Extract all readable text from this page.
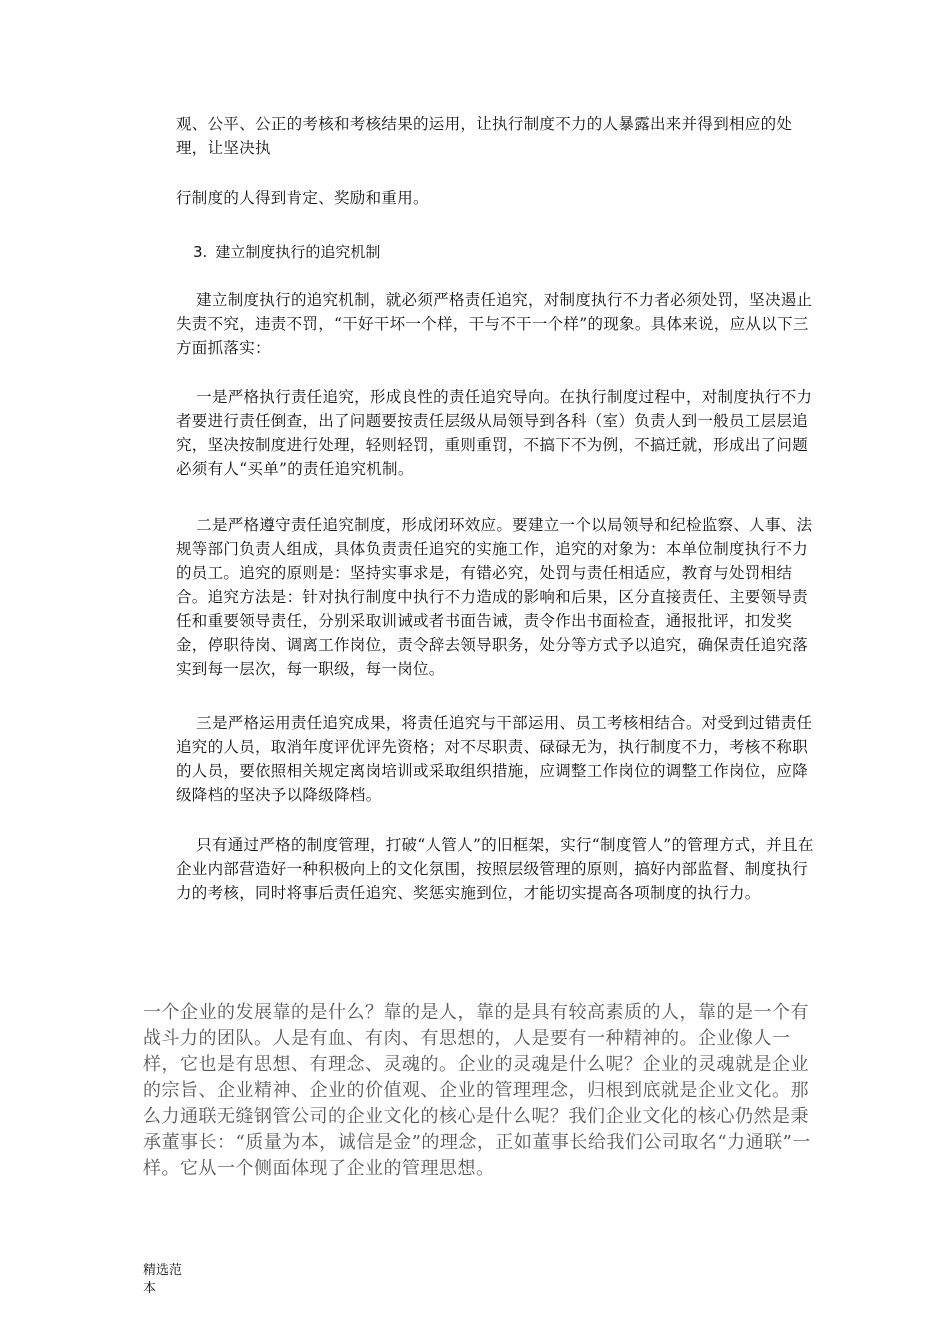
观、公平、公正的考核和考核结果的运用，让执行制度不力的人暴露出来并得到相应的处理，让坚决执

行制度的人得到肯定、奖励和重用。

3. 建立制度执行的追究机制

建立制度执行的追究机制，就必须严格责任追究，对制度执行不力者必须处罚，坚决遏止失责不究，违责不罚，“干好干坏一个样，干与不干一个样”的现象。具体来说，应从以下三方面抓落实：

一是严格执行责任追究，形成良性的责任追究导向。在执行制度过程中，对制度执行不力者要进行责任倒查，出了问题要按责任层级从局领导到各科（室）负责人到一般员工层层追究，坚决按制度进行处理，轻则轻罚，重则重罚，不搞下不为例，不搞迁就，形成出了问题必须有人“买单”的责任追究机制。

二是严格遵守责任追究制度，形成闭环效应。要建立一个以局领导和纪检监察、人事、法规等部门负责人组成，具体负责责任追究的实施工作，追究的对象为：本单位制度执行不力的员工。追究的原则是：坚持实事求是，有错必究，处罚与责任相适应，教育与处罚相结合。追究方法是：针对执行制度中执行不力造成的影响和后果，区分直接责任、主要领导责任和重要领导责任，分别采取训诫或者书面告诫，责令作出书面检查，通报批评，扣发奖金，停职待岗、调离工作岗位，责令辞去领导职务，处分等方式予以追究，确保责任追究落实到每一层次，每一职级，每一岗位。

三是严格运用责任追究成果，将责任追究与干部运用、员工考核相结合。对受到过错责任追究的人员，取消年度评优评先资格；对不尽职责、碌碌无为，执行制度不力，考核不称职的人员，要依照相关规定离岗培训或采取组织措施，应调整工作岗位的调整工作岗位，应降级降档的坚决予以降级降档。

只有通过严格的制度管理，打破“人管人”的旧框架，实行“制度管人”的管理方式，并且在企业内部营造好一种积极向上的文化氛围，按照层级管理的原则，搞好内部监督、制度执行力的考核，同时将事后责任追究、奖惩实施到位，才能切实提高各项制度的执行力。

一个企业的发展靠的是什么？靠的是人，靠的是具有较高素质的人，靠的是一个有战斗力的团队。人是有血、有肉、有思想的，人是要有一种精神的。企业像人一样，它也是有思想、有理念、灵魂的。企业的灵魂是什么呢？企业的灵魂就是企业的宗旨、企业精神、企业的价值观、企业的管理理念，归根到底就是企业文化。那么力通联无缝钢管公司的企业文化的核心是什么呢？我们企业文化的核心仍然是秉承董事长：“质量为本，诚信是金”的理念，正如董事长给我们公司取名“力通联”一样。它从一个侧面体现了企业的管理思想。

精选范本
